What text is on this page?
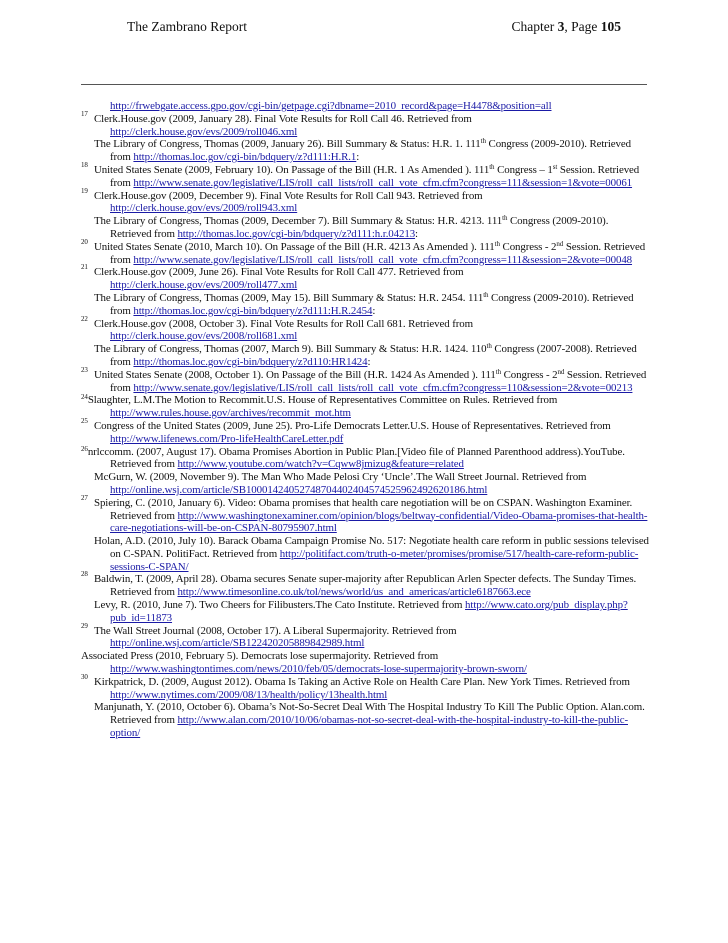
The Zambrano Report	Chapter 3, Page 105
http://frwebgate.access.gpo.gov/cgi-bin/getpage.cgi?dbname=2010_record&page=H4478&position=all
17 Clerk.House.gov (2009, January 28). Final Vote Results for Roll Call 46. Retrieved from http://clerk.house.gov/evs/2009/roll046.xml
The Library of Congress, Thomas (2009, January 26). Bill Summary & Status: H.R. 1. 111th Congress (2009-2010). Retrieved from http://thomas.loc.gov/cgi-bin/bdquery/z?d111:H.R.1:
18 United States Senate (2009, February 10). On Passage of the Bill (H.R. 1 As Amended ). 111th Congress – 1st Session. Retrieved from http://www.senate.gov/legislative/LIS/roll_call_lists/roll_call_vote_cfm.cfm?congress=111&session=1&vote=00061
19 Clerk.House.gov (2009, December 9). Final Vote Results for Roll Call 943. Retrieved from http://clerk.house.gov/evs/2009/roll943.xml
The Library of Congress, Thomas (2009, December 7). Bill Summary & Status: H.R. 4213. 111th Congress (2009-2010). Retrieved from http://thomas.loc.gov/cgi-bin/bdquery/z?d111:h.r.04213:
20 United States Senate (2010, March 10). On Passage of the Bill (H.R. 4213 As Amended ). 111th Congress - 2nd Session. Retrieved from http://www.senate.gov/legislative/LIS/roll_call_lists/roll_call_vote_cfm.cfm?congress=111&session=2&vote=00048
21 Clerk.House.gov (2009, June 26). Final Vote Results for Roll Call 477. Retrieved from http://clerk.house.gov/evs/2009/roll477.xml
The Library of Congress, Thomas (2009, May 15). Bill Summary & Status: H.R. 2454. 111th Congress (2009-2010). Retrieved from http://thomas.loc.gov/cgi-bin/bdquery/z?d111:H.R.2454:
22 Clerk.House.gov (2008, October 3). Final Vote Results for Roll Call 681. Retrieved from http://clerk.house.gov/evs/2008/roll681.xml
The Library of Congress, Thomas (2007, March 9). Bill Summary & Status: H.R. 1424. 110th Congress (2007-2008). Retrieved from http://thomas.loc.gov/cgi-bin/bdquery/z?d110:HR1424:
23 United States Senate (2008, October 1). On Passage of the Bill (H.R. 1424 As Amended ). 111th Congress - 2nd Session. Retrieved from http://www.senate.gov/legislative/LIS/roll_call_lists/roll_call_vote_cfm.cfm?congress=110&session=2&vote=00213
$^{24}$Slaughter, L.M.The Motion to Recommit.U.S. House of Representatives Committee on Rules. Retrieved from http://www.rules.house.gov/archives/recommit_mot.htm
25 Congress of the United States (2009, June 25). Pro-Life Democrats Letter.U.S. House of Representatives. Retrieved from http://www.lifenews.com/Pro-lifeHealthCareLetter.pdf
$^{26}$nrlccomm. (2007, August 17). Obama Promises Abortion in Public Plan.[Video file of Planned Parenthood address).YouTube. Retrieved from http://www.youtube.com/watch?v=Cqww8jmizug&feature=related
McGurn, W. (2009, November 9). The Man Who Made Pelosi Cry ‘Uncle’.The Wall Street Journal. Retrieved from http://online.wsj.com/article/SB10001424052748704402404574525962492620186.html
27 Spiering, C. (2010, January 6). Video: Obama promises that health care negotiation will be on CSPAN. Washington Examiner. Retrieved from http://www.washingtonexaminer.com/opinion/blogs/beltway-confidential/Video-Obama-promises-that-health-care-negotiations-will-be-on-CSPAN-80795907.html
Holan, A.D. (2010, July 10). Barack Obama Campaign Promise No. 517: Negotiate health care reform in public sessions televised on C-SPAN. PolitiFact. Retrieved from http://politifact.com/truth-o-meter/promises/promise/517/health-care-reform-public-sessions-C-SPAN/
28 Baldwin, T. (2009, April 28). Obama secures Senate super-majority after Republican Arlen Specter defects. The Sunday Times. Retrieved from http://www.timesonline.co.uk/tol/news/world/us_and_americas/article6187663.ece
Levy, R. (2010, June 7). Two Cheers for Filibusters.The Cato Institute. Retrieved from http://www.cato.org/pub_display.php?pub_id=11873
29 The Wall Street Journal (2008, October 17). A Liberal Supermajority. Retrieved from http://online.wsj.com/article/SB122420205889842989.html
Associated Press (2010, February 5). Democrats lose supermajority. Retrieved from http://www.washingtontimes.com/news/2010/feb/05/democrats-lose-supermajority-brown-sworn/
30 Kirkpatrick, D. (2009, August 2012). Obama Is Taking an Active Role on Health Care Plan. New York Times. Retrieved from http://www.nytimes.com/2009/08/13/health/policy/13health.html
Manjunath, Y. (2010, October 6). Obama’s Not-So-Secret Deal With The Hospital Industry To Kill The Public Option. Alan.com. Retrieved from http://www.alan.com/2010/10/06/obamas-not-so-secret-deal-with-the-hospital-industry-to-kill-the-public-option/
